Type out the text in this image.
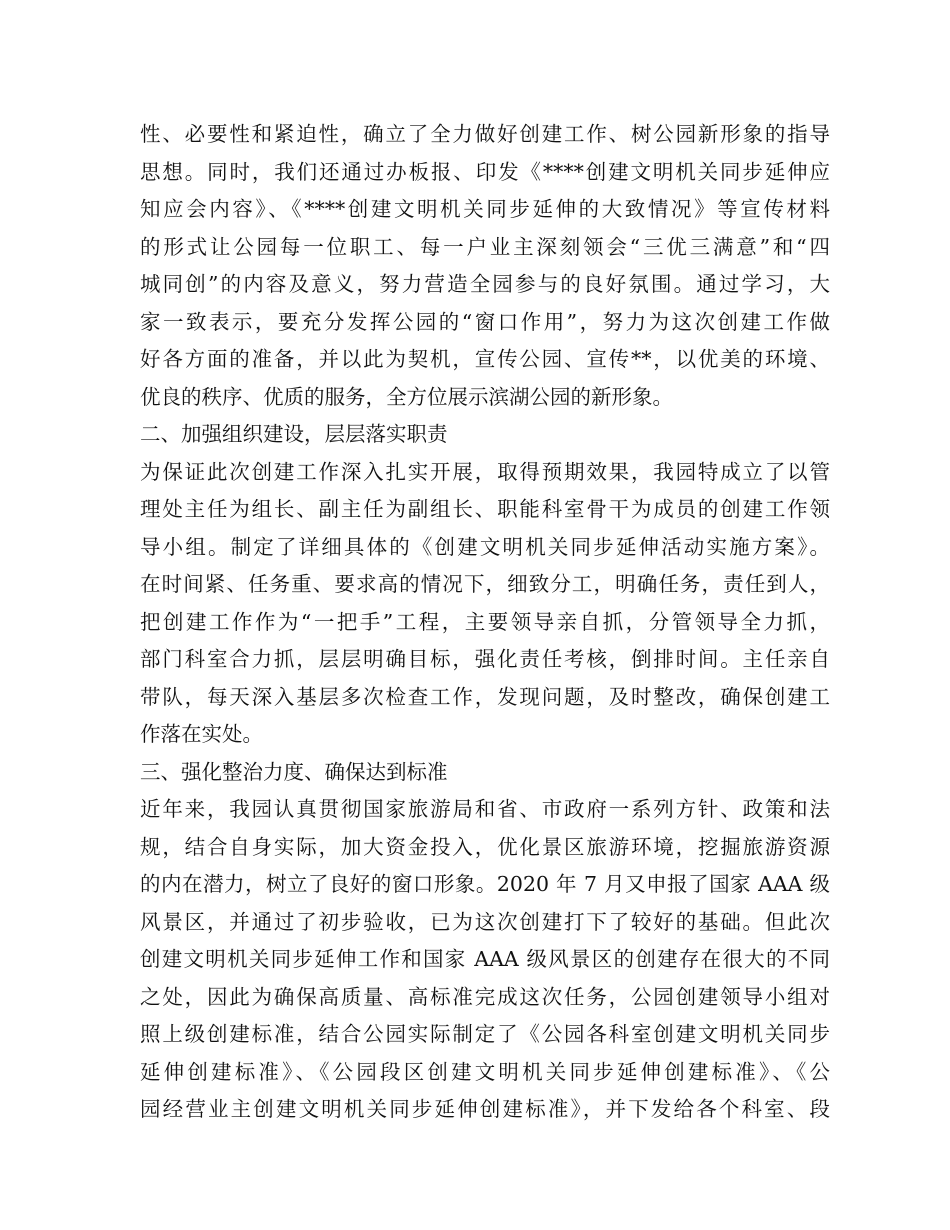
性、必要性和紧迫性，确立了全力做好创建工作、树公园新形象的指导
思想。同时，我们还通过办板报、印发《****创建文明机关同步延伸应
知应会内容》、《****创建文明机关同步延伸的大致情况》等宣传材料
的形式让公园每一位职工、每一户业主深刻领会“三优三满意”和“四
城同创”的内容及意义，努力营造全园参与的良好氛围。通过学习，大
家一致表示，要充分发挥公园的“窗口作用”，努力为这次创建工作做
好各方面的准备，并以此为契机，宣传公园、宣传**，以优美的环境、
优良的秩序、优质的服务，全方位展示滨湖公园的新形象。
二、加强组织建设，层层落实职责
为保证此次创建工作深入扎实开展，取得预期效果，我园特成立了以管
理处主任为组长、副主任为副组长、职能科室骨干为成员的创建工作领
导小组。制定了详细具体的《创建文明机关同步延伸活动实施方案》。
在时间紧、任务重、要求高的情况下，细致分工，明确任务，责任到人，
把创建工作作为“一把手”工程，主要领导亲自抓，分管领导全力抓，
部门科室合力抓，层层明确目标，强化责任考核，倒排时间。主任亲自
带队，每天深入基层多次检查工作，发现问题，及时整改，确保创建工
作落在实处。
三、强化整治力度、确保达到标准
近年来，我园认真贯彻国家旅游局和省、市政府一系列方针、政策和法
规，结合自身实际，加大资金投入，优化景区旅游环境，挖掘旅游资源
的内在潜力，树立了良好的窗口形象。2020 年 7 月又申报了国家 AAA 级
风景区，并通过了初步验收，已为这次创建打下了较好的基础。但此次
创建文明机关同步延伸工作和国家 AAA 级风景区的创建存在很大的不同
之处，因此为确保高质量、高标准完成这次任务，公园创建领导小组对
照上级创建标准，结合公园实际制定了《公园各科室创建文明机关同步
延伸创建标准》、《公园段区创建文明机关同步延伸创建标准》、《公
园经营业主创建文明机关同步延伸创建标准》，并下发给各个科室、段
